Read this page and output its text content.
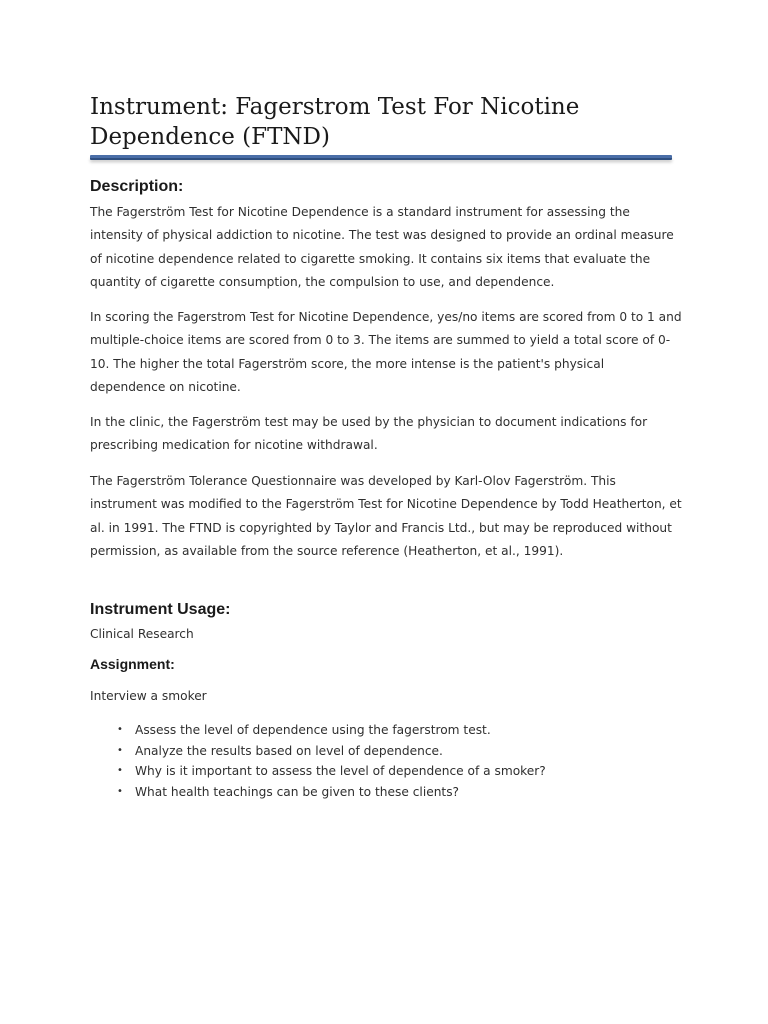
Instrument: Fagerstrom Test For Nicotine Dependence (FTND)
Description:

The Fagerström Test for Nicotine Dependence is a standard instrument for assessing the intensity of physical addiction to nicotine. The test was designed to provide an ordinal measure of nicotine dependence related to cigarette smoking. It contains six items that evaluate the quantity of cigarette consumption, the compulsion to use, and dependence.

In scoring the Fagerstrom Test for Nicotine Dependence, yes/no items are scored from 0 to 1 and multiple-choice items are scored from 0 to 3. The items are summed to yield a total score of 0-10. The higher the total Fagerström score, the more intense is the patient's physical dependence on nicotine.

In the clinic, the Fagerström test may be used by the physician to document indications for prescribing medication for nicotine withdrawal.

The Fagerström Tolerance Questionnaire was developed by Karl-Olov Fagerström. This instrument was modified to the Fagerström Test for Nicotine Dependence by Todd Heatherton, et al. in 1991. The FTND is copyrighted by Taylor and Francis Ltd., but may be reproduced without permission, as available from the source reference (Heatherton, et al., 1991).

Instrument Usage:

Clinical Research

Assignment:

Interview a smoker

• Assess the level of dependence using the fagerstrom test.
• Analyze the results based on level of dependence.
• Why is it important to assess the level of dependence of a smoker?
• What health teachings can be given to these clients?
